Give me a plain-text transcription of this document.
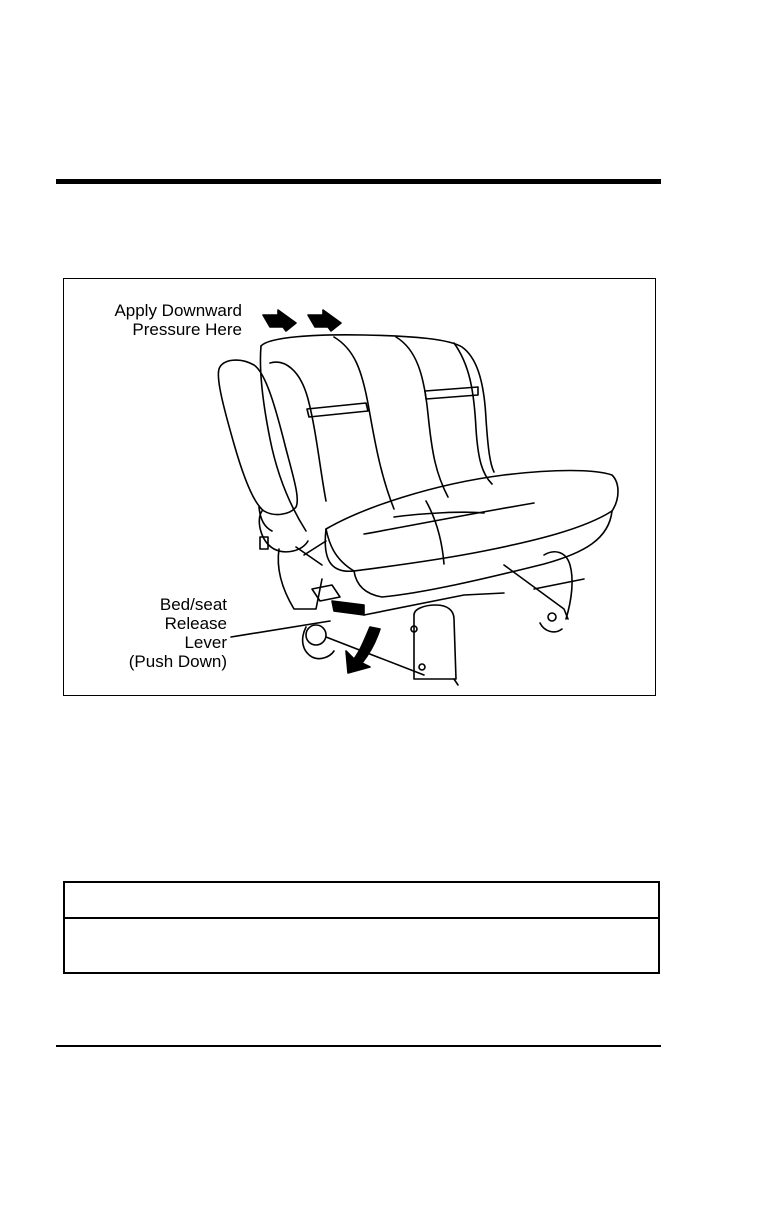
Apply Downward
Pressure Here
Bed/seat
Release
Lever
(Push Down)
